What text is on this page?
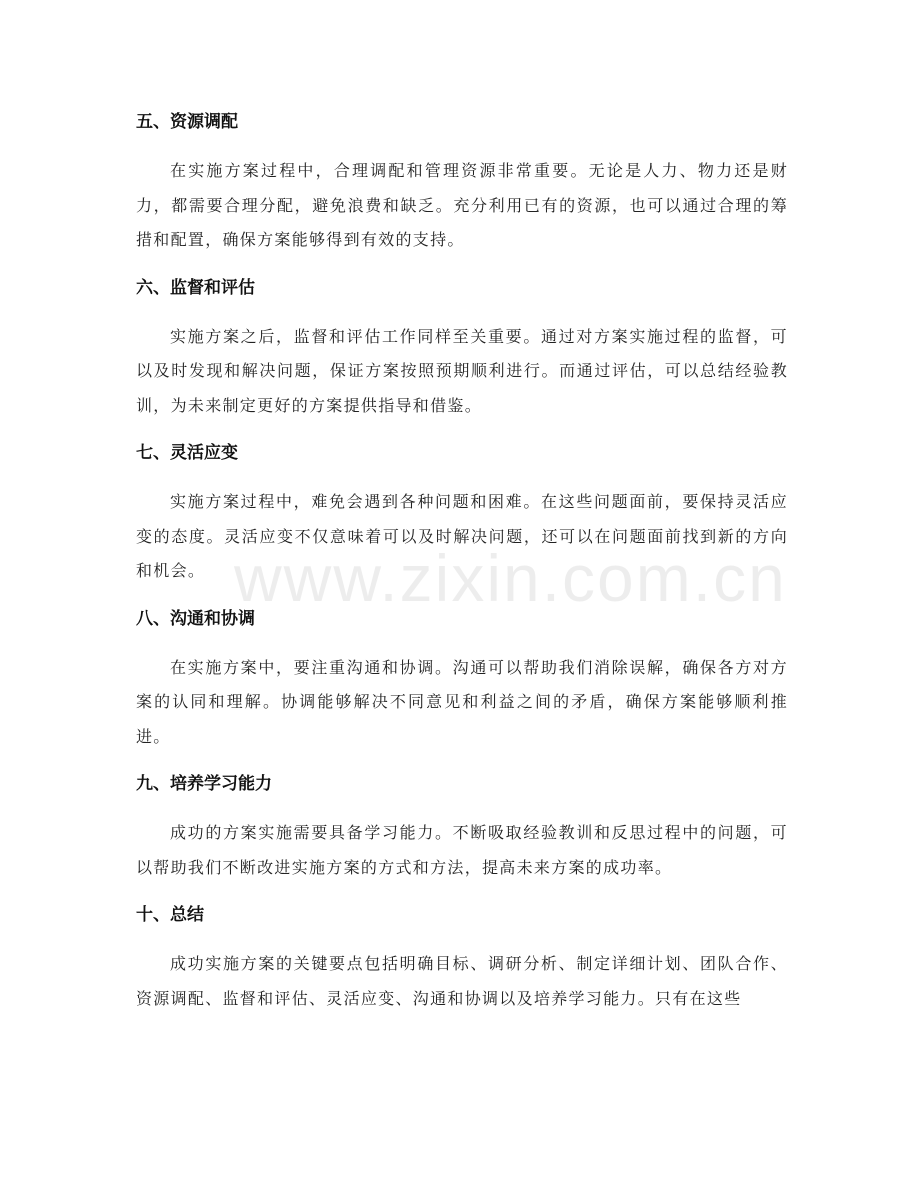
五、资源调配

在实施方案过程中，合理调配和管理资源非常重要。无论是人力、物力还是财力，都需要合理分配，避免浪费和缺乏。充分利用已有的资源，也可以通过合理的筹措和配置，确保方案能够得到有效的支持。

六、监督和评估

实施方案之后，监督和评估工作同样至关重要。通过对方案实施过程的监督，可以及时发现和解决问题，保证方案按照预期顺利进行。而通过评估，可以总结经验教训，为未来制定更好的方案提供指导和借鉴。

七、灵活应变

实施方案过程中，难免会遇到各种问题和困难。在这些问题面前，要保持灵活应变的态度。灵活应变不仅意味着可以及时解决问题，还可以在问题面前找到新的方向和机会。

八、沟通和协调

在实施方案中，要注重沟通和协调。沟通可以帮助我们消除误解，确保各方对方案的认同和理解。协调能够解决不同意见和利益之间的矛盾，确保方案能够顺利推进。

九、培养学习能力

成功的方案实施需要具备学习能力。不断吸取经验教训和反思过程中的问题，可以帮助我们不断改进实施方案的方式和方法，提高未来方案的成功率。

十、总结

成功实施方案的关键要点包括明确目标、调研分析、制定详细计划、团队合作、资源调配、监督和评估、灵活应变、沟通和协调以及培养学习能力。只有在这些

www.zixin.com.cn
